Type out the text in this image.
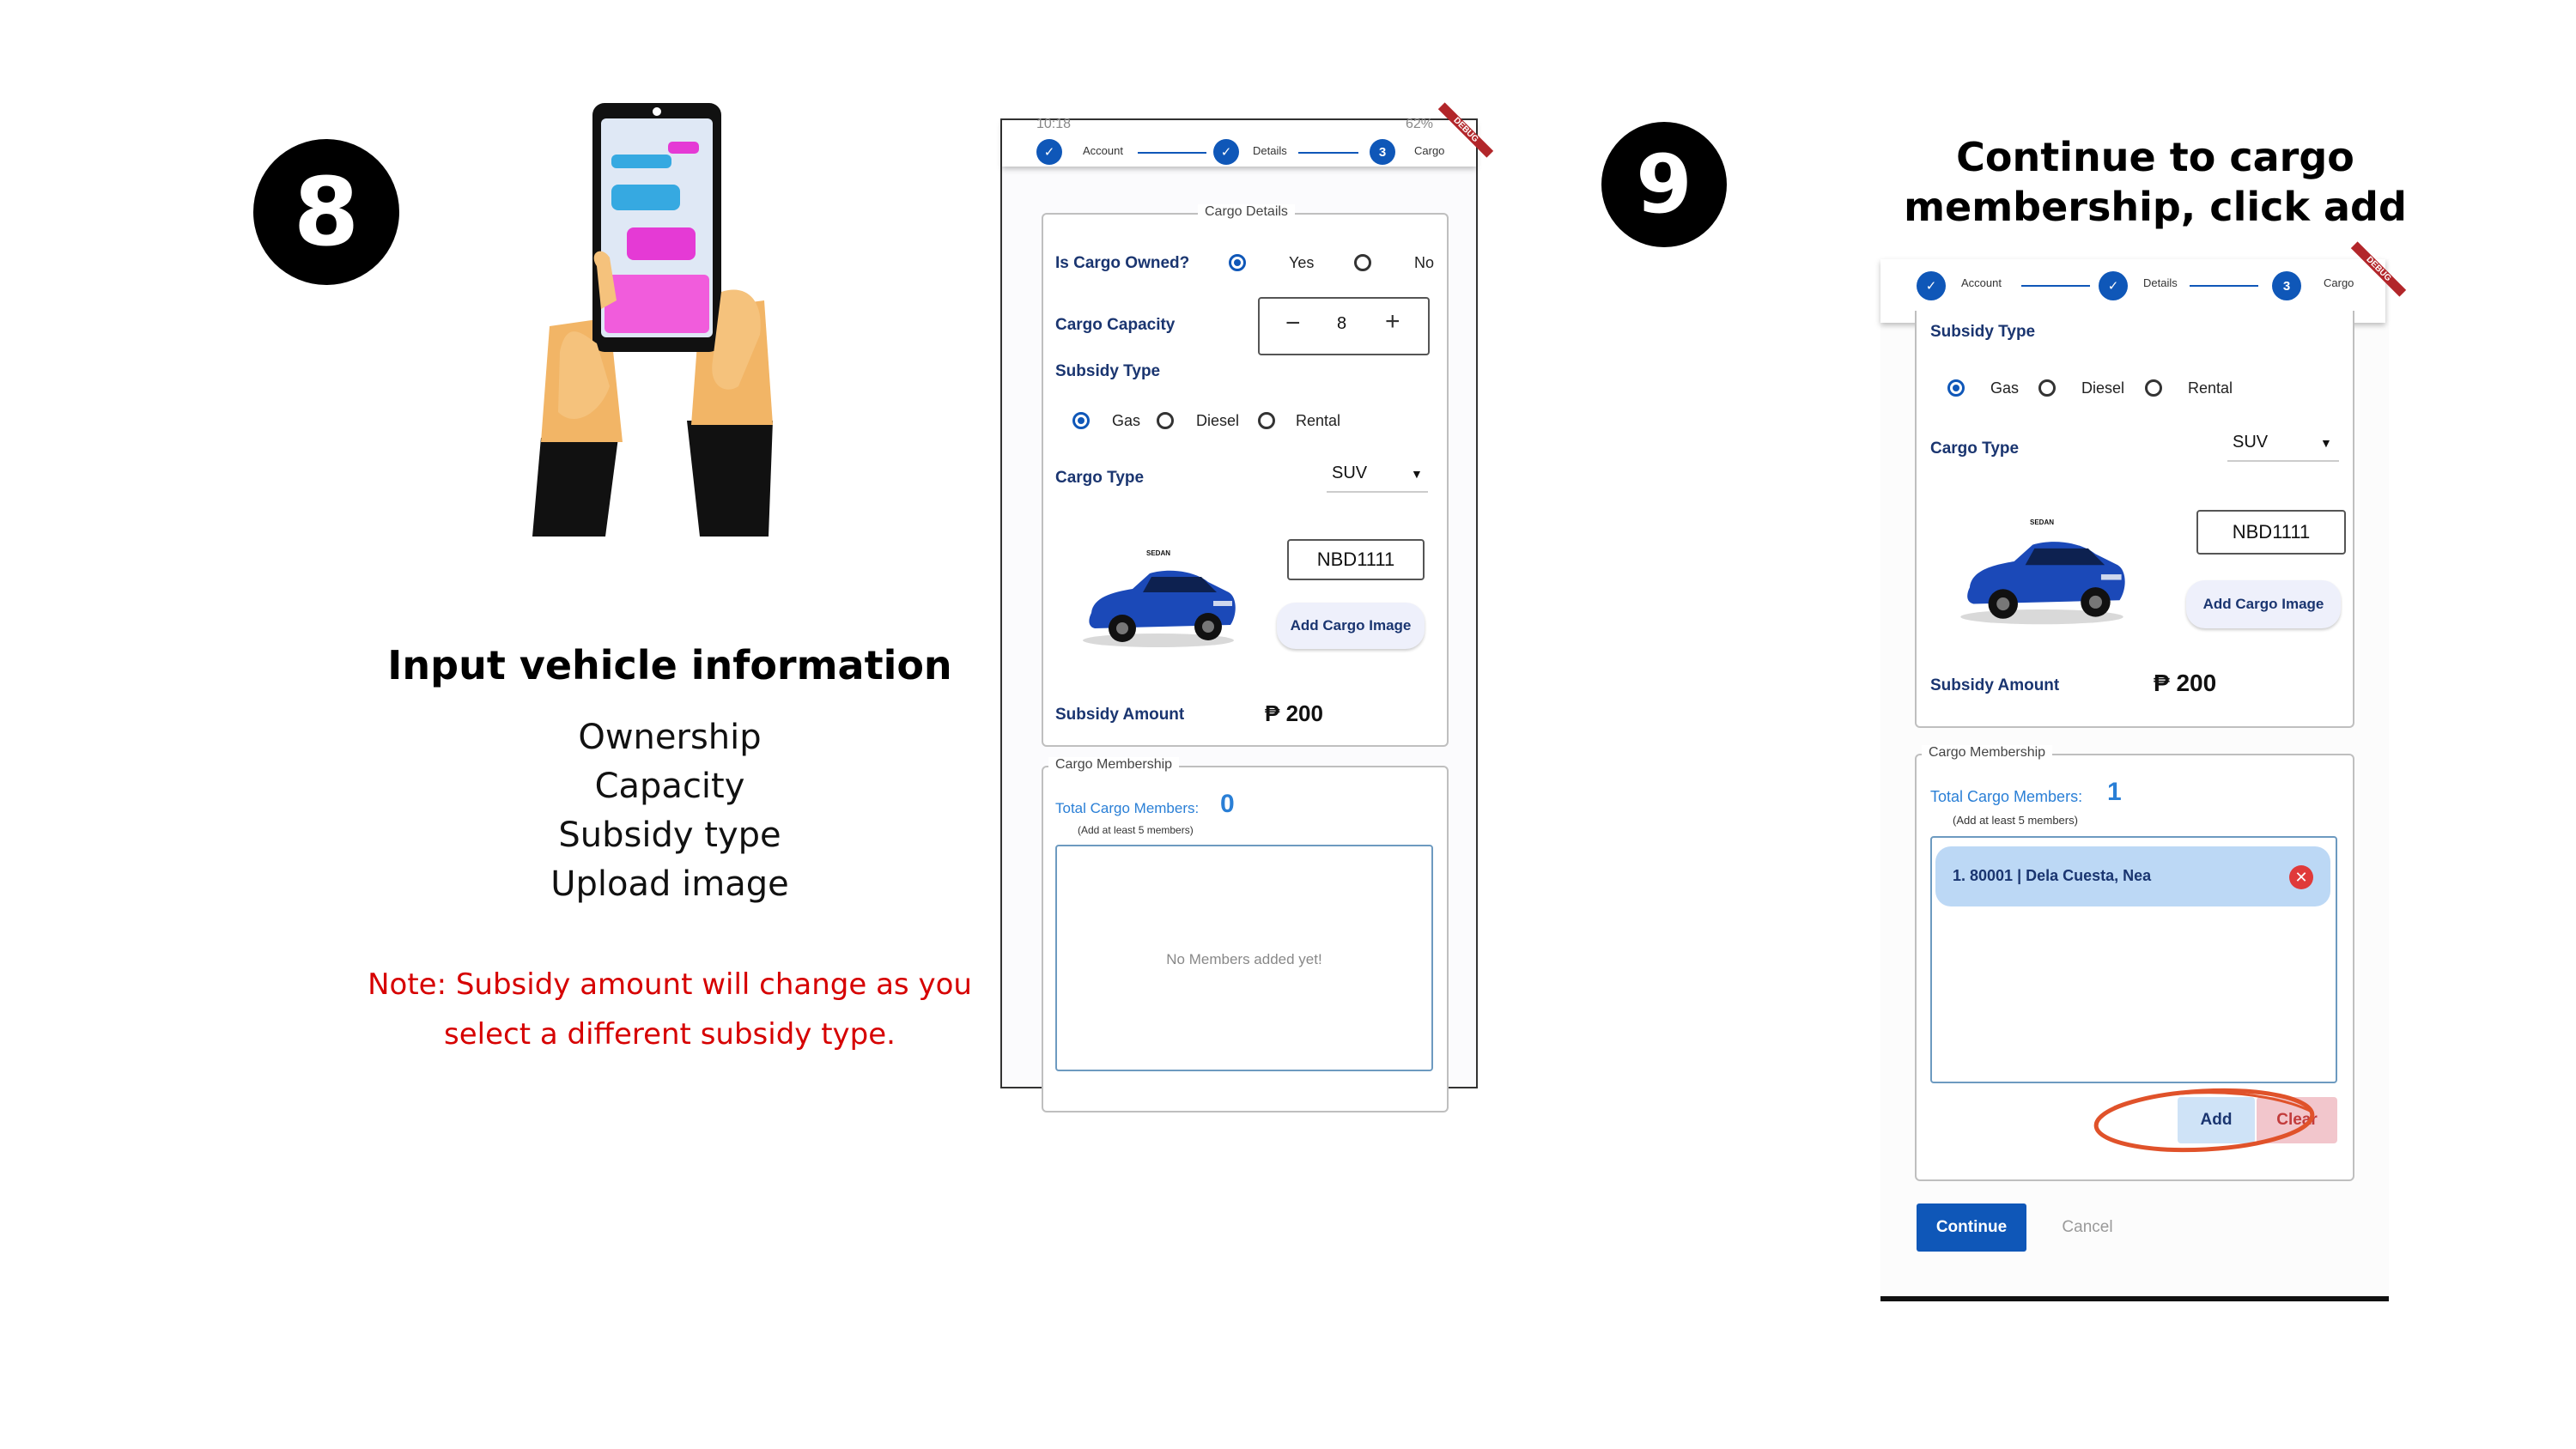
8
Input vehicle information
Ownership
Capacity
Subsidy type
Upload image
Note: Subsidy amount will change as you
select a different subsidy type.
10:18	62%
✓	Account	✓	Details	3	Cargo
DEBUG
Cargo Details
Is Cargo Owned?	Yes	No
Cargo Capacity	− 8 +
Subsidy Type
Gas	Diesel	Rental
Cargo Type	SUV	▼
SEDAN	NBD1111
Add Cargo Image
Subsidy Amount	₱ 200
Cargo Membership
Total Cargo Members: 0
(Add at least 5 members)
No Members added yet!
9	Continue to cargo
membership, click add
✓	Account	✓	Details	3	Cargo	DEBUG
Subsidy Type
Gas	Diesel	Rental
Cargo Type	SUV	▼
SEDAN	NBD1111
Add Cargo Image
Subsidy Amount	₱ 200
Cargo Membership
Total Cargo Members: 1
(Add at least 5 members)
1. 80001 | Dela Cuesta, Nea	✕
Add	Clear
Continue	Cancel
